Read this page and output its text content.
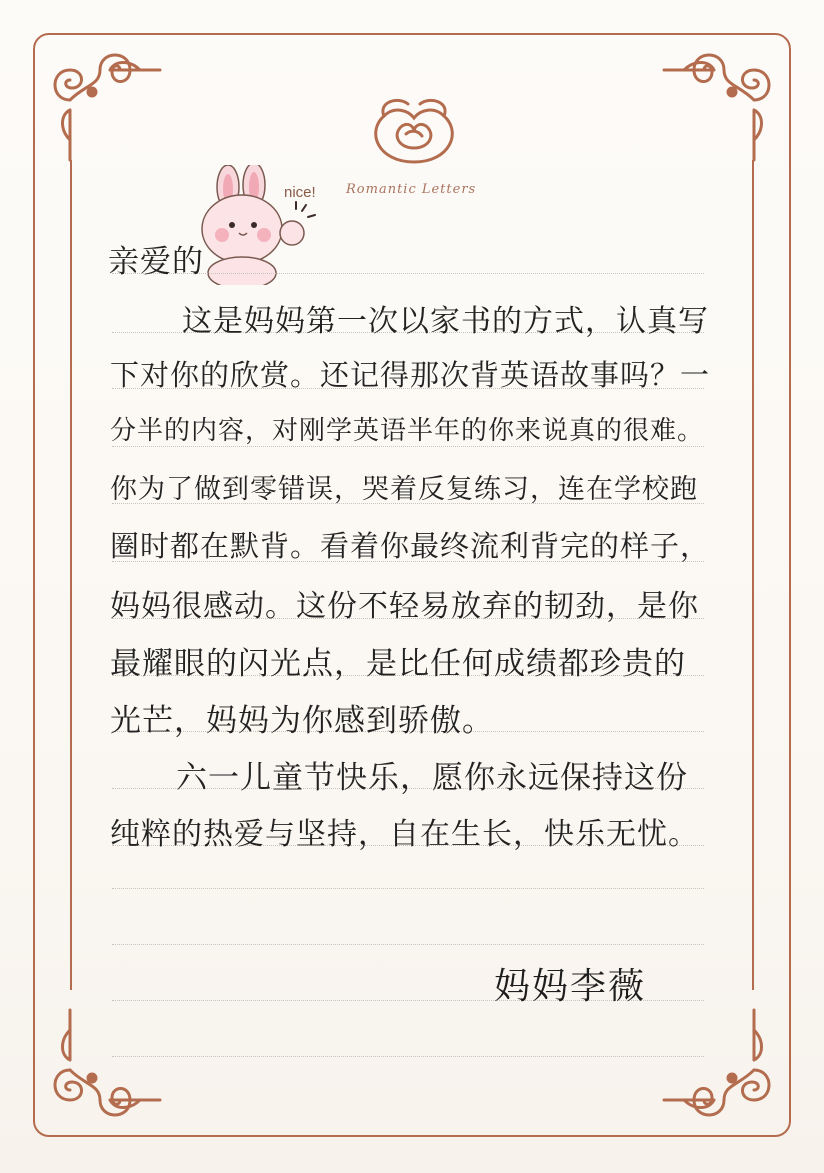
nice! Romantic Letters
亲爱的
这是妈妈第一次以家书的方式，认真写
下对你的欣赏。还记得那次背英语故事吗？一
分半的内容，对刚学英语半年的你来说真的很难。
你为了做到零错误，哭着反复练习，连在学校跑
圈时都在默背。看着你最终流利背完的样子，
妈妈很感动。这份不轻易放弃的韧劲，是你
最耀眼的闪光点，是比任何成绩都珍贵的
光芒，妈妈为你感到骄傲。
六一儿童节快乐，愿你永远保持这份
纯粹的热爱与坚持，自在生长，快乐无忧。
妈妈李薇
